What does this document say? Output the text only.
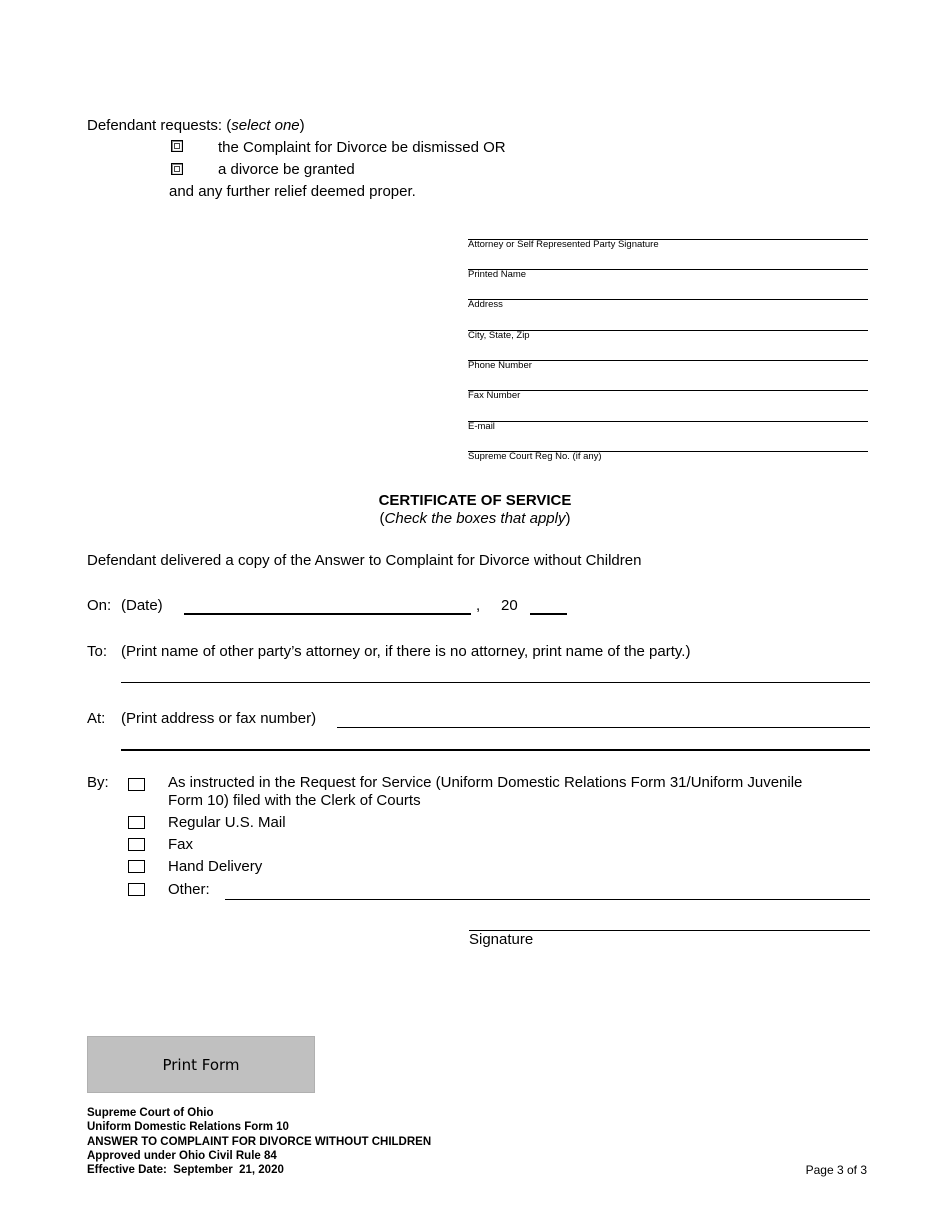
Defendant requests: (select one)
the Complaint for Divorce be dismissed OR
a divorce be granted
and any further relief deemed proper.
Attorney or Self Represented Party Signature
Printed Name
Address
City, State, Zip
Phone Number
Fax Number
E-mail
Supreme Court Reg No. (if any)
CERTIFICATE OF SERVICE
(Check the boxes that apply)
Defendant delivered a copy of the Answer to Complaint for Divorce without Children
On: (Date)	, 20
To: (Print name of other party’s attorney or, if there is no attorney, print name of the party.)
At: (Print address or fax number)
By:	As instructed in the Request for Service (Uniform Domestic Relations Form 31/Uniform Juvenile
Form 10) filed with the Clerk of Courts
Regular U.S. Mail
Fax
Hand Delivery
Other:
Signature
Print Form
Supreme Court of Ohio
Uniform Domestic Relations Form 10
ANSWER TO COMPLAINT FOR DIVORCE WITHOUT CHILDREN
Approved under Ohio Civil Rule 84
Effective Date: September  21, 2020	Page 3 of 3
